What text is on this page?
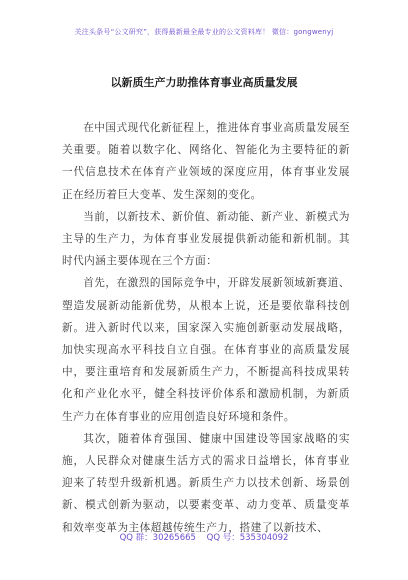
关注头条号“公文研究”，获得最新最全最专业的公文资料库！ 微信：gongwenyj
以新质生产力助推体育事业高质量发展

在中国式现代化新征程上，推进体育事业高质量发展至关重要。随着以数字化、网络化、智能化为主要特征的新一代信息技术在体育产业领域的深度应用，体育事业发展正在经历着巨大变革、发生深刻的变化。

当前，以新技术、新价值、新动能、新产业、新模式为主导的生产力，为体育事业发展提供新动能和新机制。其时代内涵主要体现在三个方面：

首先，在激烈的国际竞争中，开辟发展新领域新赛道、塑造发展新动能新优势，从根本上说，还是要依靠科技创新。进入新时代以来，国家深入实施创新驱动发展战略，加快实现高水平科技自立自强。在体育事业的高质量发展中，要注重培育和发展新质生产力，不断提高科技成果转化和产业化水平，健全科技评价体系和激励机制，为新质生产力在体育事业的应用创造良好环境和条件。

其次，随着体育强国、健康中国建设等国家战略的实施，人民群众对健康生活方式的需求日益增长，体育事业迎来了转型升级新机遇。新质生产力以技术创新、场景创新、模式创新为驱动，以要素变革、动力变革、质量变革和效率变革为主体超越传统生产力，搭建了以新技术、

QQ 群：30265665 QQ 号：535304092
